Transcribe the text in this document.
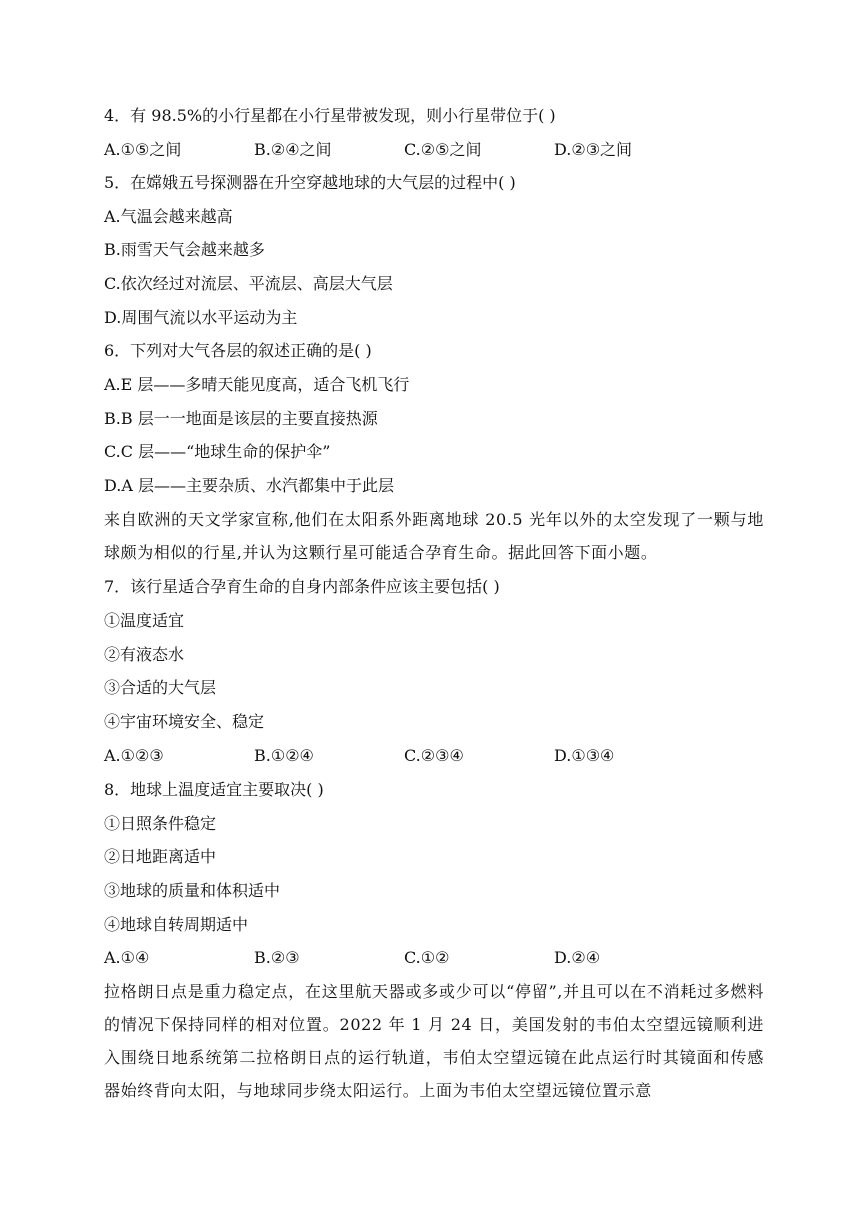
4．有 98.5%的小行星都在小行星带被发现，则小行星带位于( )

A.①⑤之间	B.②④之间	C.②⑤之间	D.②③之间

5．在嫦娥五号探测器在升空穿越地球的大气层的过程中( )

A.气温会越来越高

B.雨雪天气会越来越多

C.依次经过对流层、平流层、高层大气层

D.周围气流以水平运动为主

6．下列对大气各层的叙述正确的是( )

A.E 层——多晴天能见度高，适合飞机飞行

B.B 层一一地面是该层的主要直接热源

C.C 层——“地球生命的保护伞”

D.A 层——主要杂质、水汽都集中于此层

来自欧洲的天文学家宣称,他们在太阳系外距离地球 20.5 光年以外的太空发现了一颗与地球颇为相似的行星,并认为这颗行星可能适合孕育生命。据此回答下面小题。

7．该行星适合孕育生命的自身内部条件应该主要包括( )

①温度适宜

②有液态水

③合适的大气层

④宇宙环境安全、稳定

A.①②③	B.①②④	C.②③④	D.①③④

8．地球上温度适宜主要取决( )

①日照条件稳定

②日地距离适中

③地球的质量和体积适中

④地球自转周期适中

A.①④	B.②③	C.①②	D.②④

拉格朗日点是重力稳定点，在这里航天器或多或少可以“停留”,并且可以在不消耗过多燃料的情况下保持同样的相对位置。2022 年 1 月 24 日，美国发射的韦伯太空望远镜顺利进入围绕日地系统第二拉格朗日点的运行轨道，韦伯太空望远镜在此点运行时其镜面和传感器始终背向太阳，与地球同步绕太阳运行。上面为韦伯太空望远镜位置示意
